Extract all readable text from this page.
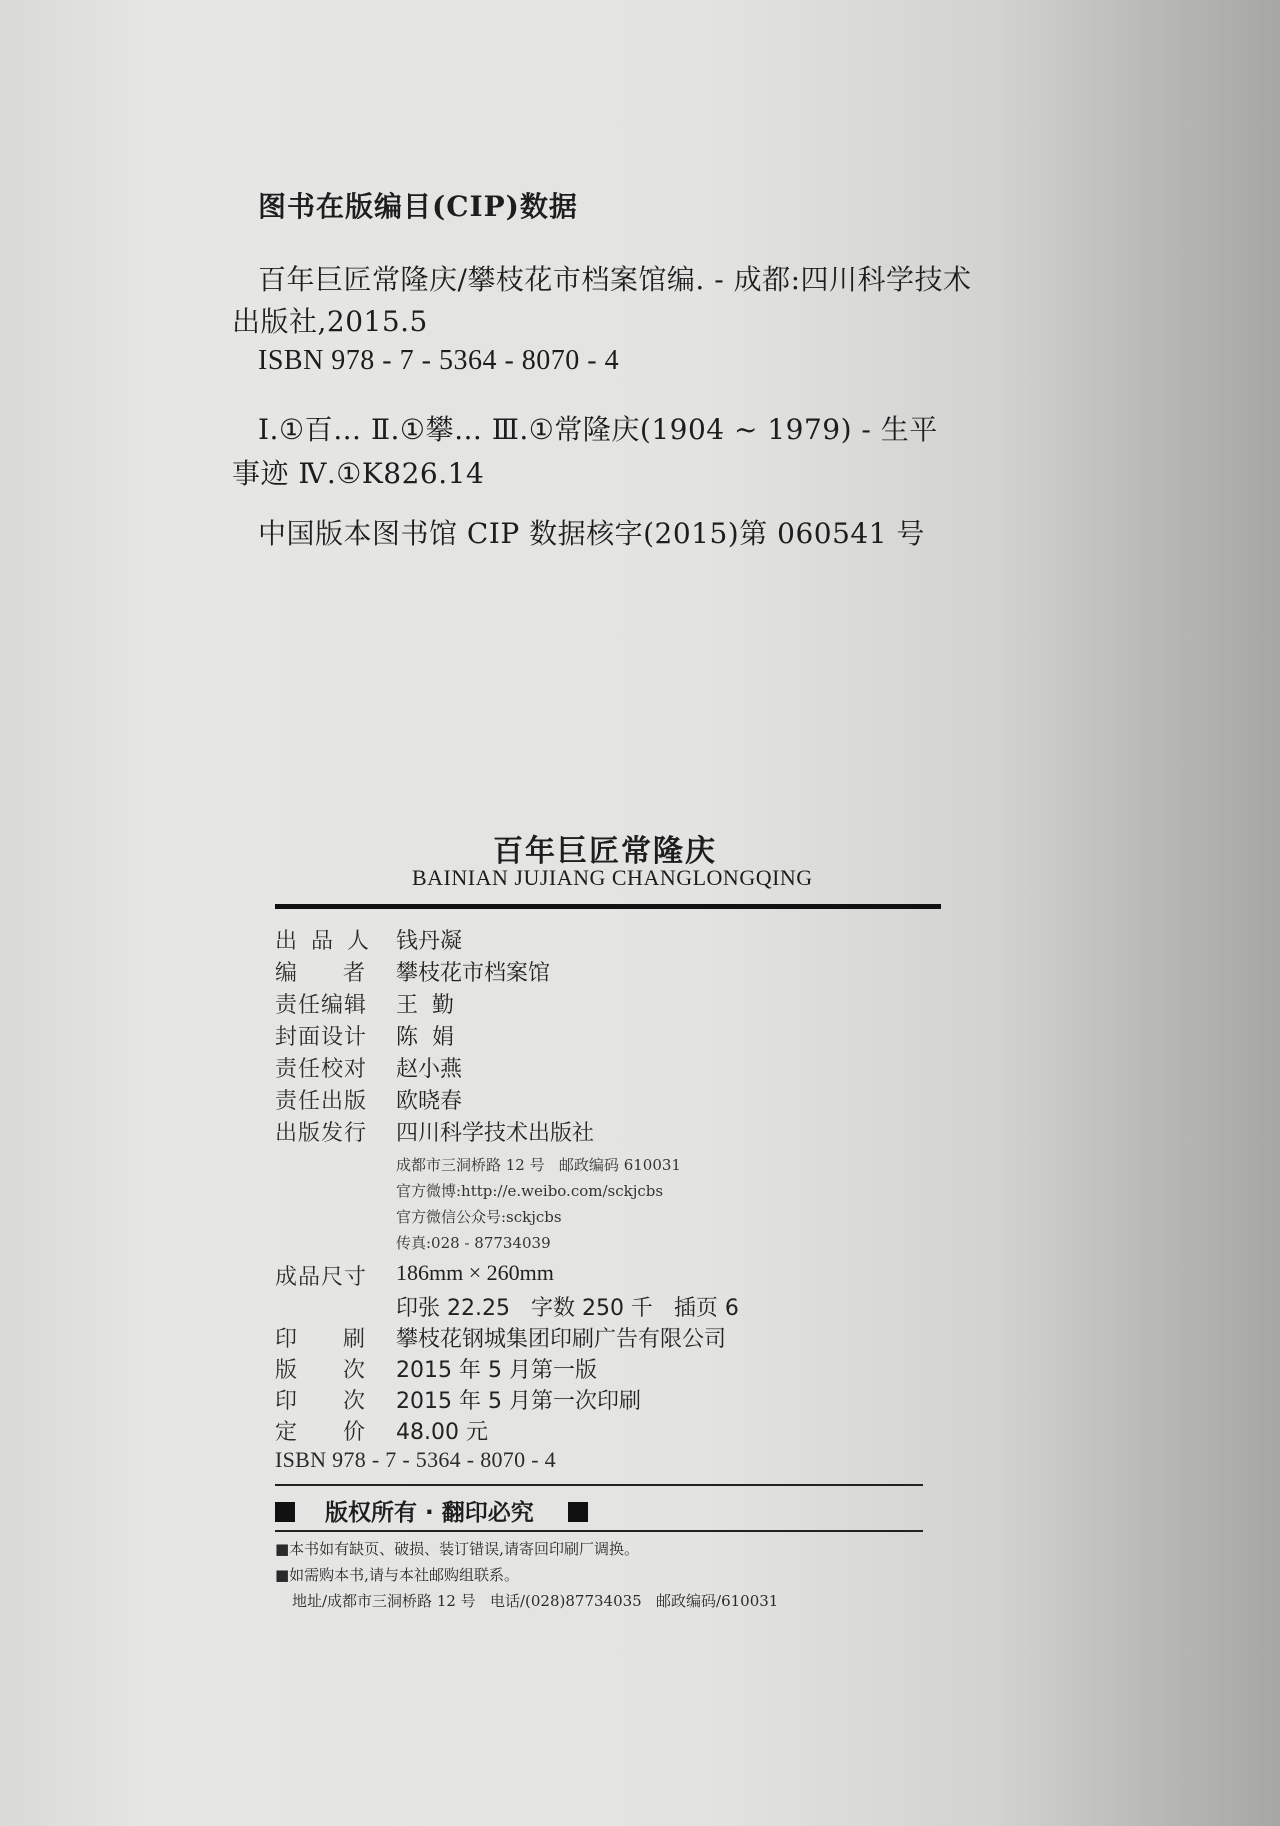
图书在版编目(CIP)数据
百年巨匠常隆庆/攀枝花市档案馆编. - 成都:四川科学技术
出版社,2015.5
ISBN 978 - 7 - 5364 - 8070 - 4
Ⅰ.①百… Ⅱ.①攀… Ⅲ.①常隆庆(1904 ~ 1979) - 生平
事迹 Ⅳ.①K826.14
中国版本图书馆 CIP 数据核字(2015)第 060541 号
百年巨匠常隆庆
BAINIAN JUJIANG CHANGLONGQING
出品人 钱丹凝
编者
攀枝花市档案馆
责任编辑 王  勤
封面设计 陈  娟
责任校对 赵小燕
责任出版 欧晓春
出版发行 四川科学技术出版社
成都市三洞桥路 12 号   邮政编码 610031
官方微博:http://e.weibo.com/sckjcbs
官方微信公众号:sckjcbs
传真:028 - 87734039
成品尺寸 186mm × 260mm
印张 22.25   字数 250 千   插页 6
印刷
攀枝花钢城集团印刷广告有限公司
版次
2015 年 5 月第一版
印次
2015 年 5 月第一次印刷
定价
48.00 元
ISBN 978 - 7 - 5364 - 8070 - 4
版权所有 · 翻印必究
■本书如有缺页、破损、装订错误,请寄回印刷厂调换。
■如需购本书,请与本社邮购组联系。
地址/成都市三洞桥路 12 号   电话/(028)87734035   邮政编码/610031
